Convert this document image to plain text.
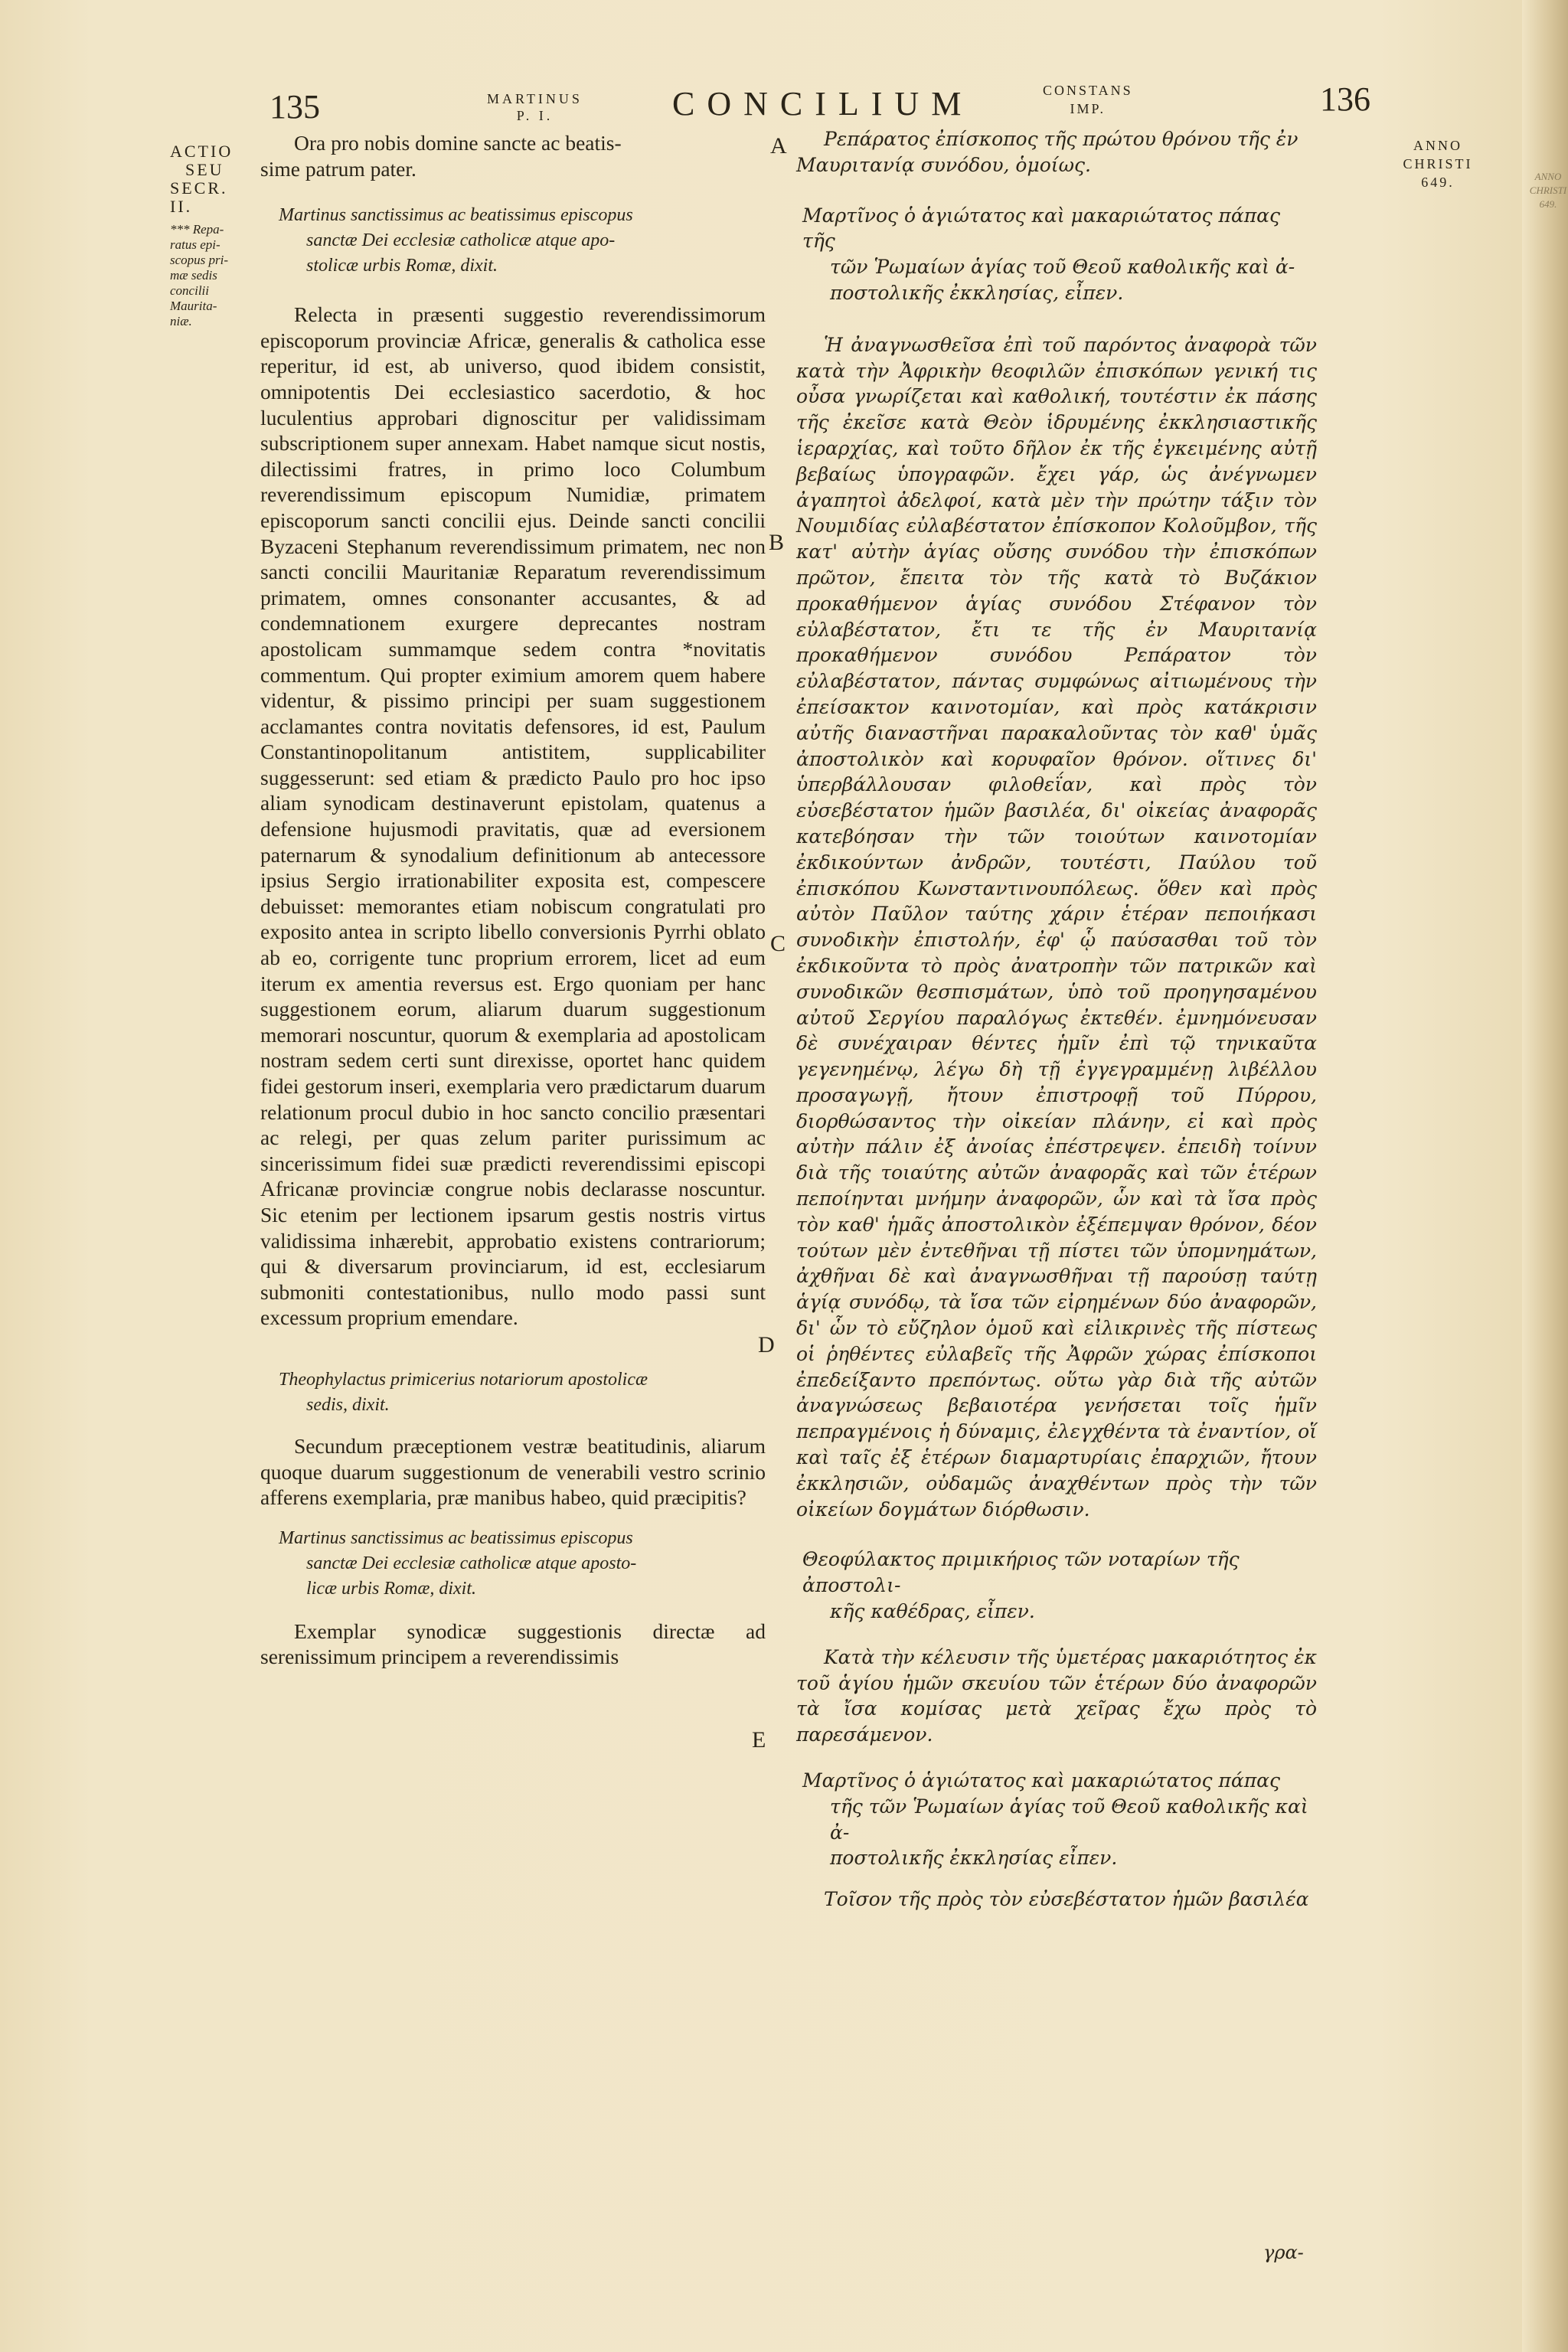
135	MARTINUS
P. I.	CONCILIUM	CONSTANS
IMP.	136
ACTIO
SEU
SECR. II.
*** Repa-
ratus epi-
scopus pri-
mæ sedis
concilii
Maurita-
niæ.
ANNO
CHRISTI
649.	ANNO
CHRISTI
649.
A
B
C
D
E

Ora pro nobis domine sancte ac beatis-
sime patrum pater.

Martinus sanctissimus ac beatissimus episcopus
sanctæ Dei ecclesiæ catholicæ atque apo-
stolicæ urbis Romæ, dixit.

Relecta in præsenti suggestio reverendissimorum episcoporum provinciæ Africæ, generalis & catholica esse reperitur, id est, ab universo, quod ibidem consistit, omnipotentis Dei ecclesiastico sacerdotio, & hoc luculentius approbari dignoscitur per validissimam subscriptionem super annexam. Habet namque sicut nostis, dilectissimi fratres, in primo loco Columbum reverendissimum episcopum Numidiæ, primatem episcoporum sancti concilii ejus. Deinde sancti concilii Byzaceni Stephanum reverendissimum primatem, nec non sancti concilii Mauritaniæ Reparatum reverendissimum primatem, omnes consonanter accusantes, & ad condemnationem exurgere deprecantes nostram apostolicam summamque sedem contra *novitatis commentum. Qui propter eximium amorem quem habere videntur, & pissimo principi per suam suggestionem acclamantes contra novitatis defensores, id est, Paulum Constantinopolitanum antistitem, supplicabiliter suggesserunt: sed etiam & prædicto Paulo pro hoc ipso aliam synodicam destinaverunt epistolam, quatenus a defensione hujusmodi pravitatis, quæ ad eversionem paternarum & synodalium definitionum ab antecessore ipsius Sergio irrationabiliter exposita est, compescere debuisset: memorantes etiam nobiscum congratulati pro exposito antea in scripto libello conversionis Pyrrhi oblato ab eo, corrigente tunc proprium errorem, licet ad eum iterum ex amentia reversus est. Ergo quoniam per hanc suggestionem eorum, aliarum duarum suggestionum memorari noscuntur, quorum & exemplaria ad apostolicam nostram sedem certi sunt direxisse, oportet hanc quidem fidei gestorum inseri, exemplaria vero prædictarum duarum relationum procul dubio in hoc sancto concilio præsentari ac relegi, per quas zelum pariter purissimum ac sincerissimum fidei suæ prædicti reverendissimi episcopi Africanæ provinciæ congrue nobis declarasse noscuntur. Sic etenim per lectionem ipsarum gestis nostris virtus validissima inhærebit, approbatio existens contrariorum; qui & diversarum provinciarum, id est, ecclesiarum submoniti contestationibus, nullo modo passi sunt excessum proprium emendare.

Theophylactus primicerius notariorum apostolicæ
sedis, dixit.

Secundum præceptionem vestræ beatitudinis, aliarum quoque duarum suggestionum de venerabili vestro scrinio afferens exemplaria, præ manibus habeo, quid præcipitis?

Martinus sanctissimus ac beatissimus episcopus
sanctæ Dei ecclesiæ catholicæ atque aposto-
licæ urbis Romæ, dixit.

Exemplar synodicæ suggestionis directæ ad serenissimum principem a reverendissimis

Ρεπάρατος ἐπίσκοπος τῆς πρώτου θρόνου τῆς ἐν
Μαυριτανίᾳ συνόδου, ὁμοίως.

Μαρτῖνος ὁ ἁγιώτατος καὶ μακαριώτατος πάπας τῆς
τῶν Ῥωμαίων ἁγίας τοῦ Θεοῦ καθολικῆς καὶ ἀ-
ποστολικῆς ἐκκλησίας, εἶπεν.

Ἡ ἀναγνωσθεῖσα ἐπὶ τοῦ παρόντος ἀναφορὰ τῶν κατὰ τὴν Ἀφρικὴν θεοφιλῶν ἐπισκόπων γενική τις οὖσα γνωρίζεται καὶ καθολική, τουτέστιν ἐκ πάσης τῆς ἐκεῖσε κατὰ Θεὸν ἱδρυμένης ἐκκλησιαστικῆς ἱεραρχίας, καὶ τοῦτο δῆλον ἐκ τῆς ἐγκειμένης αὐτῇ βεβαίως ὑπογραφῶν. ἔχει γάρ, ὡς ἀνέγνωμεν ἀγαπητοὶ ἀδελφοί, κατὰ μὲν τὴν πρώτην τάξιν τὸν Νουμιδίας εὐλαβέστατον ἐπίσκοπον Κολοῦμβον, τῆς κατ' αὐτὴν ἁγίας οὔσης συνόδου τὴν ἐπισκόπων πρῶτον, ἔπειτα τὸν τῆς κατὰ τὸ Βυζάκιον προκαθήμενον ἁγίας συνόδου Στέφανον τὸν εὐλαβέστατον, ἔτι τε τῆς ἐν Μαυριτανίᾳ προκαθήμενον συνόδου Ρεπάρατον τὸν εὐλαβέστατον, πάντας συμφώνως αἰτιωμένους τὴν ἐπείσακτον καινοτομίαν, καὶ πρὸς κατάκρισιν αὐτῆς διαναστῆναι παρακαλοῦντας τὸν καθ' ὑμᾶς ἀποστολικὸν καὶ κορυφαῖον θρόνον. οἵτινες δι' ὑπερβάλλουσαν φιλοθεΐαν, καὶ πρὸς τὸν εὐσεβέστατον ἡμῶν βασιλέα, δι' οἰκείας ἀναφορᾶς κατεβόησαν τὴν τῶν τοιούτων καινοτομίαν ἐκδικούντων ἀνδρῶν, τουτέστι, Παύλου τοῦ ἐπισκόπου Κωνσταντινουπόλεως. ὅθεν καὶ πρὸς αὐτὸν Παῦλον ταύτης χάριν ἑτέραν πεποιήκασι συνοδικὴν ἐπιστολήν, ἐφ' ᾧ παύσασθαι τοῦ τὸν ἐκδικοῦντα τὸ πρὸς ἀνατροπὴν τῶν πατρικῶν καὶ συνοδικῶν θεσπισμάτων, ὑπὸ τοῦ προηγησαμένου αὐτοῦ Σεργίου παραλόγως ἐκτεθέν. ἐμνημόνευσαν δὲ συνέχαιραν θέντες ἡμῖν ἐπὶ τῷ τηνικαῦτα γεγενημένῳ, λέγω δὴ τῇ ἐγγεγραμμένῃ λιβέλλου προσαγωγῇ, ἤτουν ἐπιστροφῇ τοῦ Πύρρου, διορθώσαντος τὴν οἰκείαν πλάνην, εἰ καὶ πρὸς αὐτὴν πάλιν ἐξ ἀνοίας ἐπέστρεψεν. ἐπειδὴ τοίνυν διὰ τῆς τοιαύτης αὐτῶν ἀναφορᾶς καὶ τῶν ἑτέρων πεποίηνται μνήμην ἀναφορῶν, ὧν καὶ τὰ ἴσα πρὸς τὸν καθ' ἡμᾶς ἀποστολικὸν ἐξέπεμψαν θρόνον, δέον τούτων μὲν ἐντεθῆναι τῇ πίστει τῶν ὑπομνημάτων, ἀχθῆναι δὲ καὶ ἀναγνωσθῆναι τῇ παρούσῃ ταύτῃ ἁγίᾳ συνόδῳ, τὰ ἴσα τῶν εἰρημένων δύο ἀναφορῶν, δι' ὧν τὸ εὔζηλον ὁμοῦ καὶ εἰλικρινὲς τῆς πίστεως οἱ ῥηθέντες εὐλαβεῖς τῆς Ἀφρῶν χώρας ἐπίσκοποι ἐπεδείξαντο πρεπόντως. οὕτω γὰρ διὰ τῆς αὐτῶν ἀναγνώσεως βεβαιοτέρα γενήσεται τοῖς ἡμῖν πεπραγμένοις ἡ δύναμις, ἐλεγχθέντα τὰ ἐναντίον, οἵ καὶ ταῖς ἐξ ἑτέρων διαμαρτυρίαις ἐπαρχιῶν, ἤτουν ἐκκλησιῶν, οὐδαμῶς ἀναχθέντων πρὸς τὴν τῶν οἰκείων δογμάτων διόρθωσιν.

Θεοφύλακτος πριμικήριος τῶν νοταρίων τῆς ἀποστολι-
κῆς καθέδρας, εἶπεν.

Κατὰ τὴν κέλευσιν τῆς ὑμετέρας μακαριότητος ἐκ τοῦ ἁγίου ἡμῶν σκευίου τῶν ἑτέρων δύο ἀναφορῶν τὰ ἴσα κομίσας μετὰ χεῖρας ἔχω πρὸς τὸ παρεσάμενον.

Μαρτῖνος ὁ ἁγιώτατος καὶ μακαριώτατος πάπας
τῆς τῶν Ῥωμαίων ἁγίας τοῦ Θεοῦ καθολικῆς καὶ ἀ-
ποστολικῆς ἐκκλησίας εἶπεν.

Τοῖσον τῆς πρὸς τὸν εὐσεβέστατον ἡμῶν βασιλέα

γρα-
